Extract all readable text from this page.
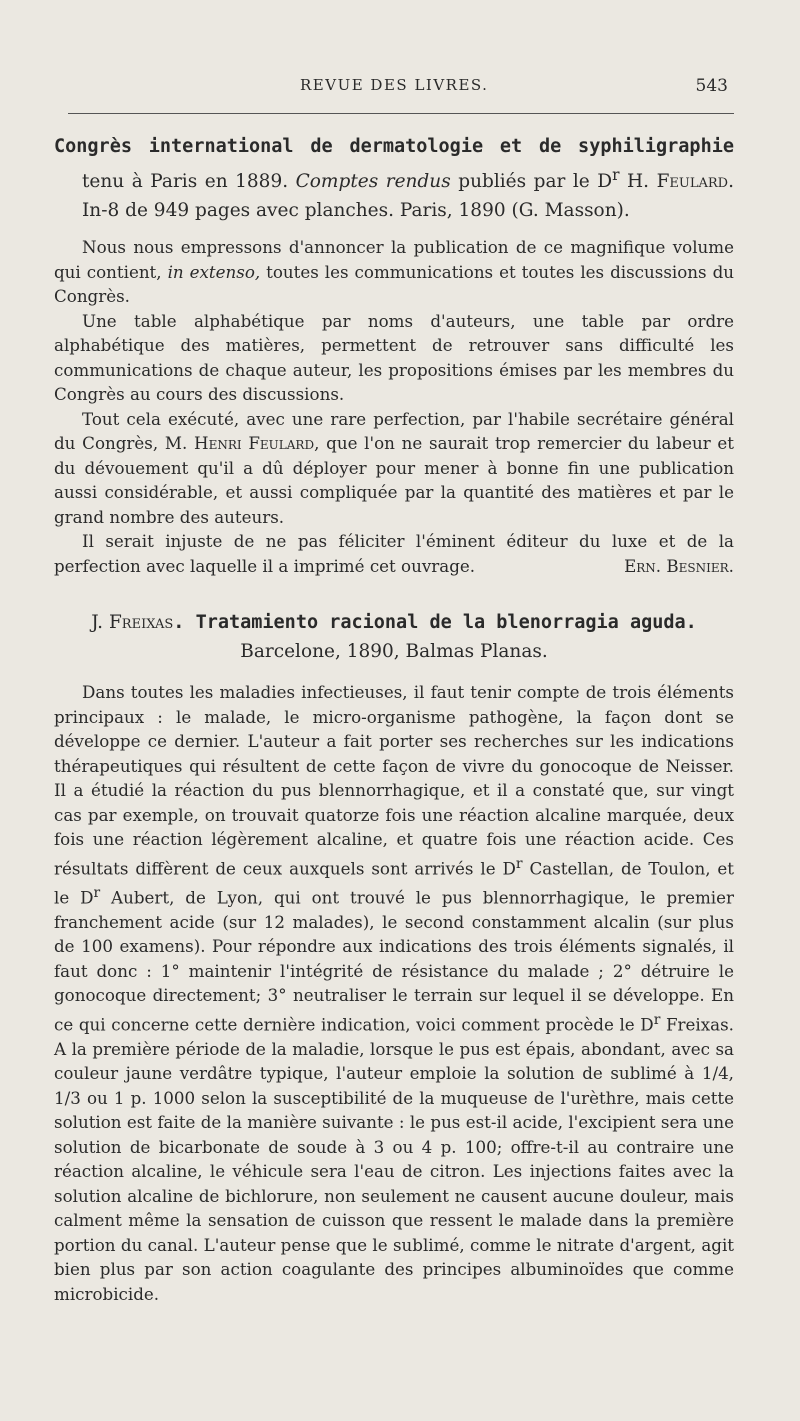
REVUE DES LIVRES.	543
Congrès international de dermatologie et de syphiligraphie tenu à Paris en 1889. Comptes rendus publiés par le $D^r$ H. Feulard. In-8 de 949 pages avec planches. Paris, 1890 (G. Masson).

Nous nous empressons d'annoncer la publication de ce magnifique volume qui contient, in extenso, toutes les communications et toutes les discussions du Congrès.

Une table alphabétique par noms d'auteurs, une table par ordre alphabétique des matières, permettent de retrouver sans difficulté les communications de chaque auteur, les propositions émises par les membres du Congrès au cours des discussions.

Tout cela exécuté, avec une rare perfection, par l'habile secrétaire général du Congrès, M. Henri Feulard, que l'on ne saurait trop remercier du labeur et du dévouement qu'il a dû déployer pour mener à bonne fin une publication aussi considérable, et aussi compliquée par la quantité des matières et par le grand nombre des auteurs.

Il serait injuste de ne pas féliciter l'éminent éditeur du luxe et de la perfection avec laquelle il a imprimé cet ouvrage.	Ern. Besnier.

J. Freixas. Tratamiento racional de la blenorragia aguda.
Barcelone, 1890, Balmas Planas.

Dans toutes les maladies infectieuses, il faut tenir compte de trois éléments principaux : le malade, le micro-organisme pathogène, la façon dont se développe ce dernier. L'auteur a fait porter ses recherches sur les indications thérapeutiques qui résultent de cette façon de vivre du gonocoque de Neisser. Il a étudié la réaction du pus blennorrhagique, et il a constaté que, sur vingt cas par exemple, on trouvait quatorze fois une réaction alcaline marquée, deux fois une réaction légèrement alcaline, et quatre fois une réaction acide. Ces résultats diffèrent de ceux auxquels sont arrivés le $D^r$ Castellan, de Toulon, et le $D^r$ Aubert, de Lyon, qui ont trouvé le pus blennorrhagique, le premier franchement acide (sur 12 malades), le second constamment alcalin (sur plus de 100 examens). Pour répondre aux indications des trois éléments signalés, il faut donc : 1° maintenir l'intégrité de résistance du malade ; 2° détruire le gonocoque directement; 3° neutraliser le terrain sur lequel il se développe. En ce qui concerne cette dernière indication, voici comment procède le $D^r$ Freixas. A la première période de la maladie, lorsque le pus est épais, abondant, avec sa couleur jaune verdâtre typique, l'auteur emploie la solution de sublimé à 1/4, 1/3 ou 1 p. 1000 selon la susceptibilité de la muqueuse de l'urèthre, mais cette solution est faite de la manière suivante : le pus est-il acide, l'excipient sera une solution de bicarbonate de soude à 3 ou 4 p. 100; offre-t-il au contraire une réaction alcaline, le véhicule sera l'eau de citron. Les injections faites avec la solution alcaline de bichlorure, non seulement ne causent aucune douleur, mais calment même la sensation de cuisson que ressent le malade dans la première portion du canal. L'auteur pense que le sublimé, comme le nitrate d'argent, agit bien plus par son action coagulante des principes albuminoïdes que comme microbicide.
